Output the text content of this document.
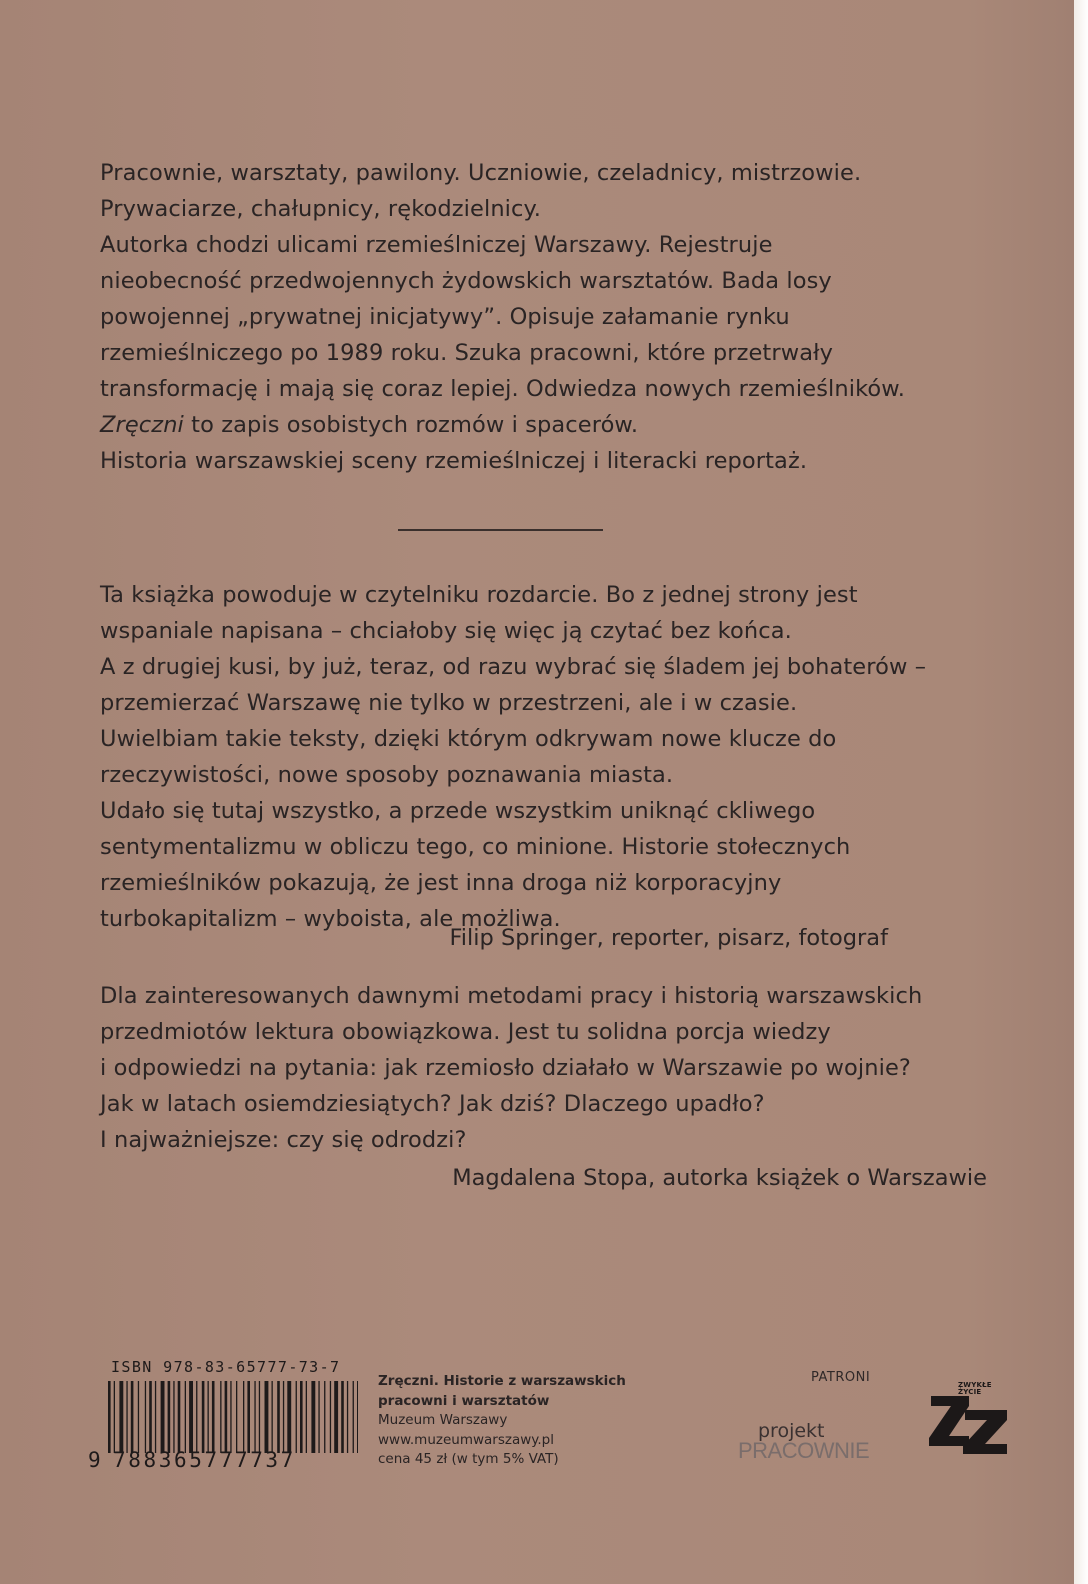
Pracownie, warsztaty, pawilony. Uczniowie, czeladnicy, mistrzowie.
Prywaciarze, chałupnicy, rękodzielnicy.
Autorka chodzi ulicami rzemieślniczej Warszawy. Rejestruje
nieobecność przedwojennych żydowskich warsztatów. Bada losy
powojennej „prywatnej inicjatywy”. Opisuje załamanie rynku
rzemieślniczego po 1989 roku. Szuka pracowni, które przetrwały
transformację i mają się coraz lepiej. Odwiedza nowych rzemieślników.
Zręczni to zapis osobistych rozmów i spacerów.
Historia warszawskiej sceny rzemieślniczej i literacki reportaż.
Ta książka powoduje w czytelniku rozdarcie. Bo z jednej strony jest
wspaniale napisana – chciałoby się więc ją czytać bez końca.
A z drugiej kusi, by już, teraz, od razu wybrać się śladem jej bohaterów –
przemierzać Warszawę nie tylko w przestrzeni, ale i w czasie.
Uwielbiam takie teksty, dzięki którym odkrywam nowe klucze do
rzeczywistości, nowe sposoby poznawania miasta.
Udało się tutaj wszystko, a przede wszystkim uniknąć ckliwego
sentymentalizmu w obliczu tego, co minione. Historie stołecznych
rzemieślników pokazują, że jest inna droga niż korporacyjny
turbokapitalizm – wyboista, ale możliwa.
Filip Springer, reporter, pisarz, fotograf
Dla zainteresowanych dawnymi metodami pracy i historią warszawskich
przedmiotów lektura obowiązkowa. Jest tu solidna porcja wiedzy
i odpowiedzi na pytania: jak rzemiosło działało w Warszawie po wojnie?
Jak w latach osiemdziesiątych? Jak dziś? Dlaczego upadło?
I najważniejsze: czy się odrodzi?
Magdalena Stopa, autorka książek o Warszawie
ISBN 978-83-65777-73-7
9 788365777737
Zręczni. Historie z warszawskich
pracowni i warsztatów
Muzeum Warszawy
www.muzeumwarszawy.pl
cena 45 zł (w tym 5% VAT)
PATRONI
projekt
PRACOWNIE
ZWYKŁE
ŻYCIE
